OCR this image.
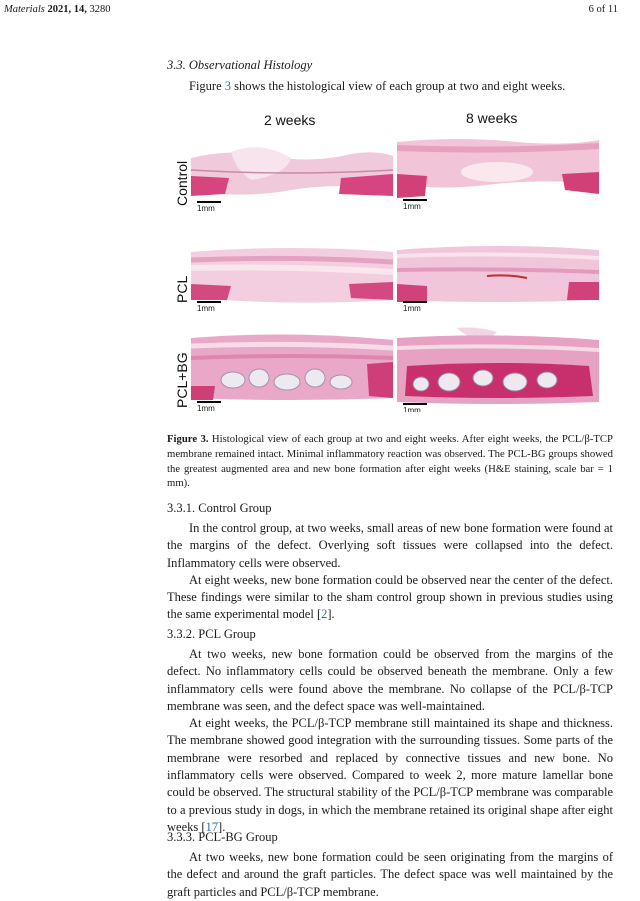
Materials 2021, 14, 3280	6 of 11
3.3. Observational Histology

Figure 3 shows the histological view of each group at two and eight weeks.

2 weeks	8 weeks
Control
PCL
PCL+BG
1mm	1mm
1mm	1mm
1mm	1mm
Figure 3. Histological view of each group at two and eight weeks. After eight weeks, the PCL/β-TCP membrane remained intact. Minimal inflammatory reaction was observed. The PCL-BG groups showed the greatest augmented area and new bone formation after eight weeks (H&E staining, scale bar = 1 mm).
3.3.1. Control Group

In the control group, at two weeks, small areas of new bone formation were found at the margins of the defect. Overlying soft tissues were collapsed into the defect. Inflammatory cells were observed.

At eight weeks, new bone formation could be observed near the center of the defect. These findings were similar to the sham control group shown in previous studies using the same experimental model [2].

3.3.2. PCL Group

At two weeks, new bone formation could be observed from the margins of the defect. No inflammatory cells could be observed beneath the membrane. Only a few inflammatory cells were found above the membrane. No collapse of the PCL/β-TCP membrane was seen, and the defect space was well-maintained.

At eight weeks, the PCL/β-TCP membrane still maintained its shape and thickness. The membrane showed good integration with the surrounding tissues. Some parts of the membrane were resorbed and replaced by connective tissues and new bone. No inflammatory cells were observed. Compared to week 2, more mature lamellar bone could be observed. The structural stability of the PCL/β-TCP membrane was comparable to a previous study in dogs, in which the membrane retained its original shape after eight weeks [17].

3.3.3. PCL-BG Group

At two weeks, new bone formation could be seen originating from the margins of the defect and around the graft particles. The defect space was well maintained by the graft particles and PCL/β-TCP membrane.
